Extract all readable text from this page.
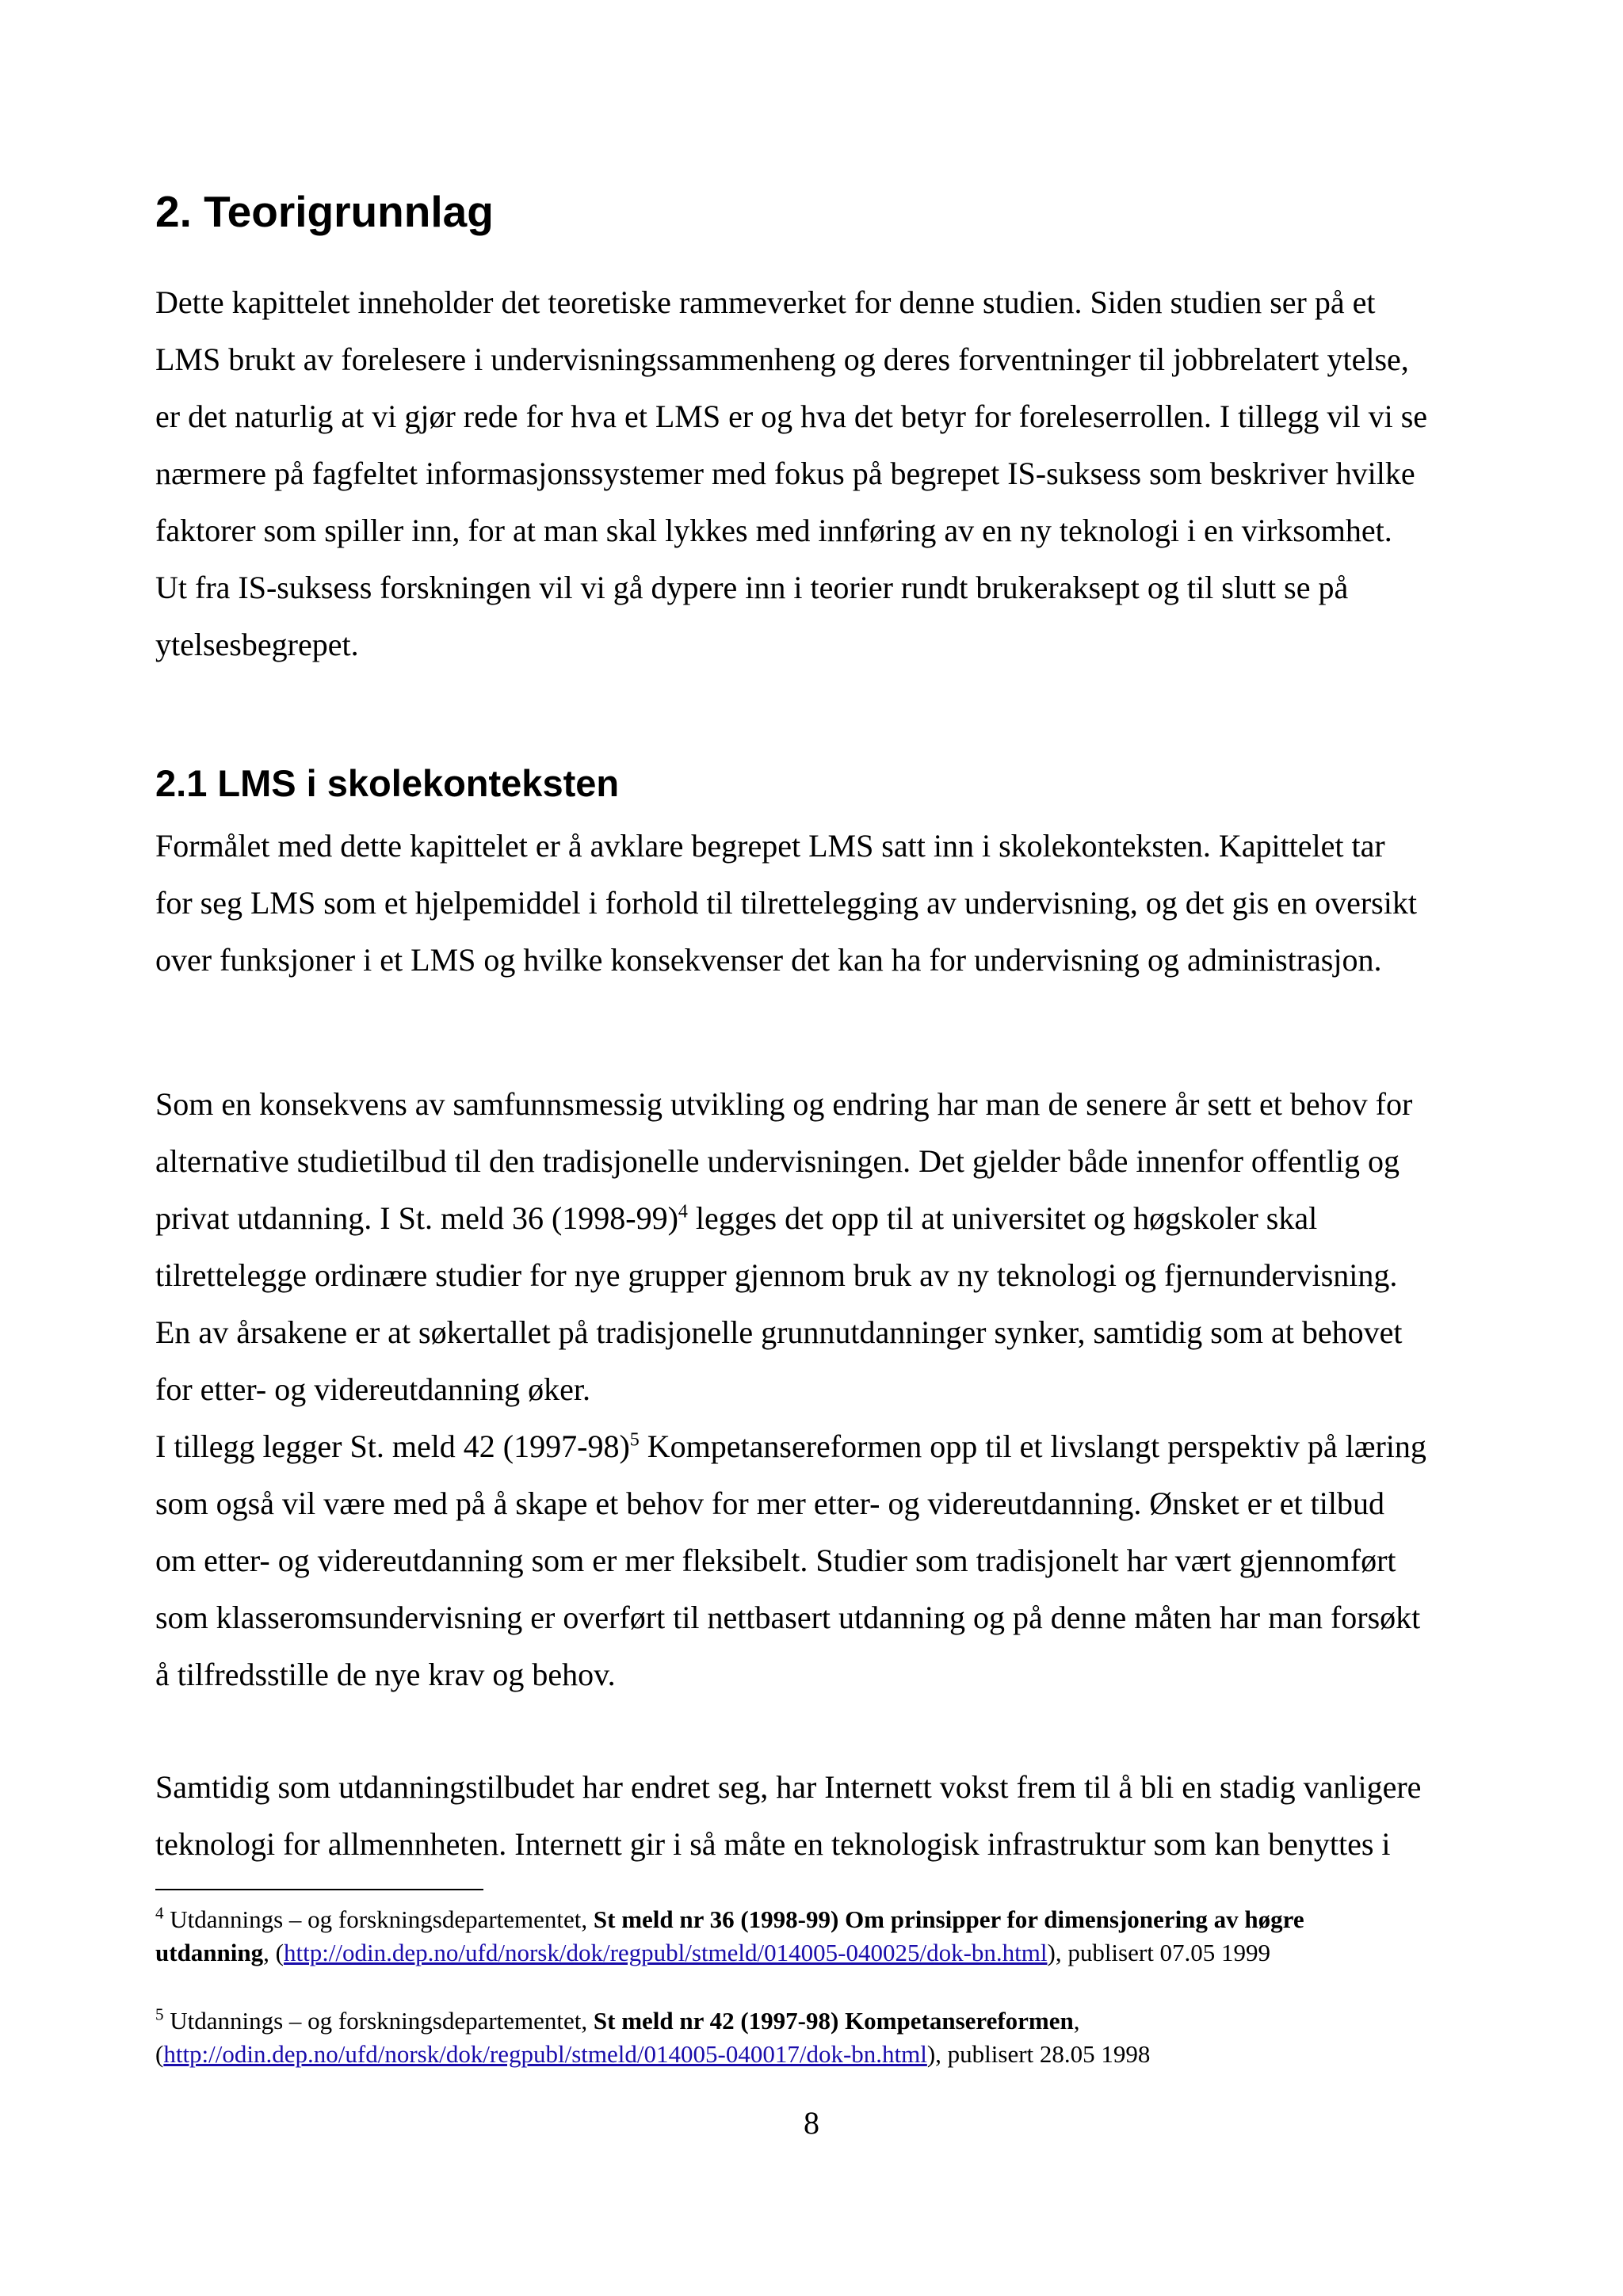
2. Teorigrunnlag

Dette kapittelet inneholder det teoretiske rammeverket for denne studien. Siden studien ser på et

LMS brukt av forelesere i undervisningssammenheng og deres forventninger til jobbrelatert ytelse,

er det naturlig at vi gjør rede for hva et LMS er og hva det betyr for foreleserrollen. I tillegg vil vi se

nærmere på fagfeltet informasjonssystemer med fokus på begrepet IS-suksess som beskriver hvilke

faktorer som spiller inn, for at man skal lykkes med innføring av en ny teknologi i en virksomhet.

Ut fra IS-suksess forskningen vil vi gå dypere inn i teorier rundt brukeraksept og til slutt se på

ytelsesbegrepet.

2.1 LMS i skolekonteksten

Formålet med dette kapittelet er å avklare begrepet LMS satt inn i skolekonteksten. Kapittelet tar

for seg LMS som et hjelpemiddel i forhold til tilrettelegging av undervisning, og det gis en oversikt

over funksjoner i et LMS og hvilke konsekvenser det kan ha for undervisning og administrasjon.

Som en konsekvens av samfunnsmessig utvikling og endring har man de senere år sett et behov for

alternative studietilbud til den tradisjonelle undervisningen. Det gjelder både innenfor offentlig og

privat utdanning. I St. meld 36 (1998-99)$^4$ legges det opp til at universitet og høgskoler skal

tilrettelegge ordinære studier for nye grupper gjennom bruk av ny teknologi og fjernundervisning.

En av årsakene er at søkertallet på tradisjonelle grunnutdanninger synker, samtidig som at behovet

for etter- og videreutdanning øker.

I tillegg legger St. meld 42 (1997-98)$^5$ Kompetansereformen opp til et livslangt perspektiv på læring

som også vil være med på å skape et behov for mer etter- og videreutdanning. Ønsket er et tilbud

om etter- og videreutdanning som er mer fleksibelt. Studier som tradisjonelt har vært gjennomført

som klasseromsundervisning er overført til nettbasert utdanning og på denne måten har man forsøkt

å tilfredsstille de nye krav og behov.

Samtidig som utdanningstilbudet har endret seg, har Internett vokst frem til å bli en stadig vanligere

teknologi for allmennheten. Internett gir i så måte en teknologisk infrastruktur som kan benyttes i

$^4$ Utdannings – og forskningsdepartementet, St meld nr 36 (1998-99) Om prinsipper for dimensjonering av høgre

utdanning, (http://odin.dep.no/ufd/norsk/dok/regpubl/stmeld/014005-040025/dok-bn.html), publisert 07.05 1999

$^5$ Utdannings – og forskningsdepartementet, St meld nr 42 (1997-98) Kompetansereformen,

(http://odin.dep.no/ufd/norsk/dok/regpubl/stmeld/014005-040017/dok-bn.html), publisert 28.05 1998

8
